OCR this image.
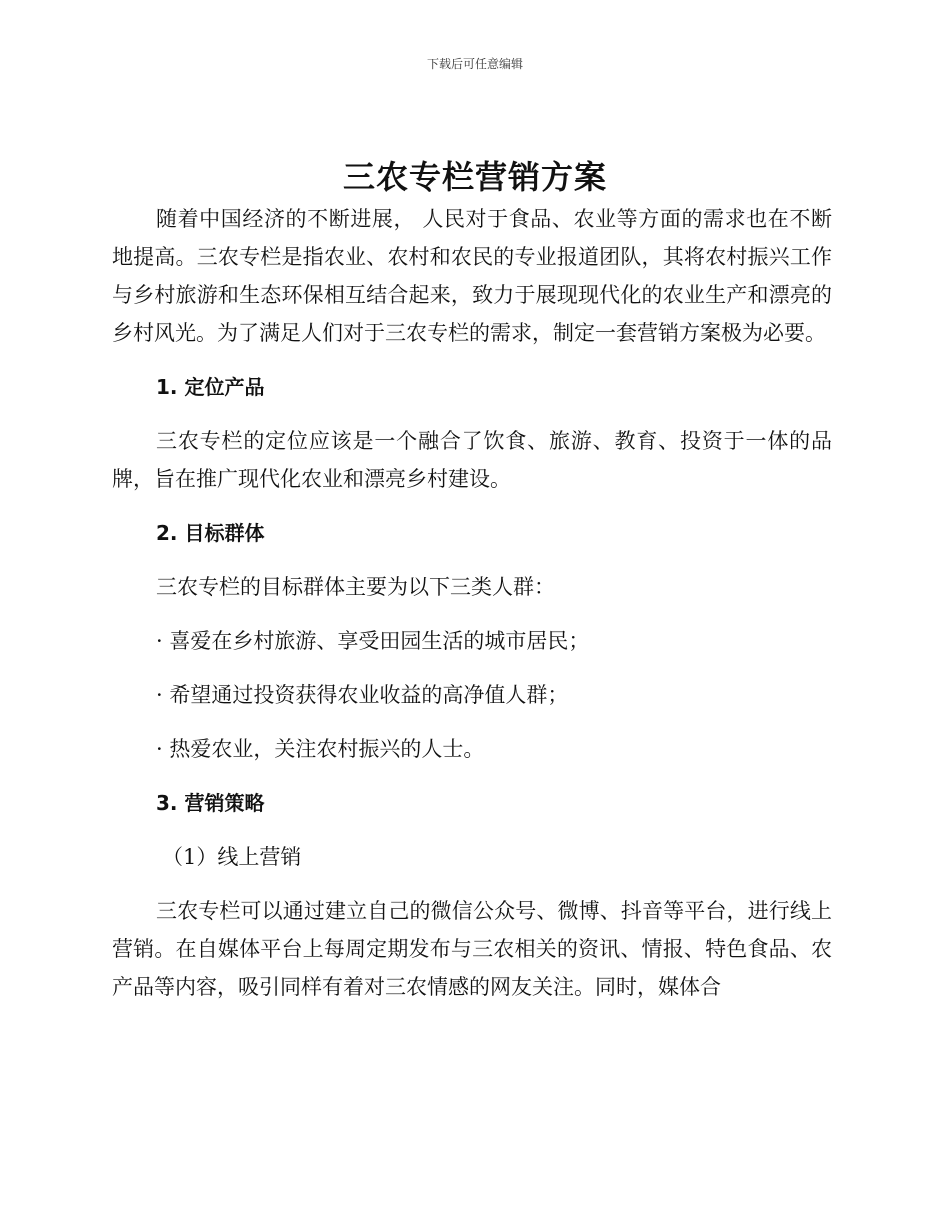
下载后可任意编辑
三农专栏营销方案

随着中国经济的不断进展， 人民对于食品、农业等方面的需求也在不断地提高。三农专栏是指农业、农村和农民的专业报道团队，其将农村振兴工作与乡村旅游和生态环保相互结合起来，致力于展现现代化的农业生产和漂亮的乡村风光。为了满足人们对于三农专栏的需求，制定一套营销方案极为必要。

1. 定位产品

三农专栏的定位应该是一个融合了饮食、旅游、教育、投资于一体的品牌，旨在推广现代化农业和漂亮乡村建设。

2. 目标群体

三农专栏的目标群体主要为以下三类人群：

· 喜爱在乡村旅游、享受田园生活的城市居民；

· 希望通过投资获得农业收益的高净值人群；

· 热爱农业，关注农村振兴的人士。

3. 营销策略

（1）线上营销

三农专栏可以通过建立自己的微信公众号、微博、抖音等平台，进行线上营销。在自媒体平台上每周定期发布与三农相关的资讯、情报、特色食品、农产品等内容，吸引同样有着对三农情感的网友关注。同时，媒体合
